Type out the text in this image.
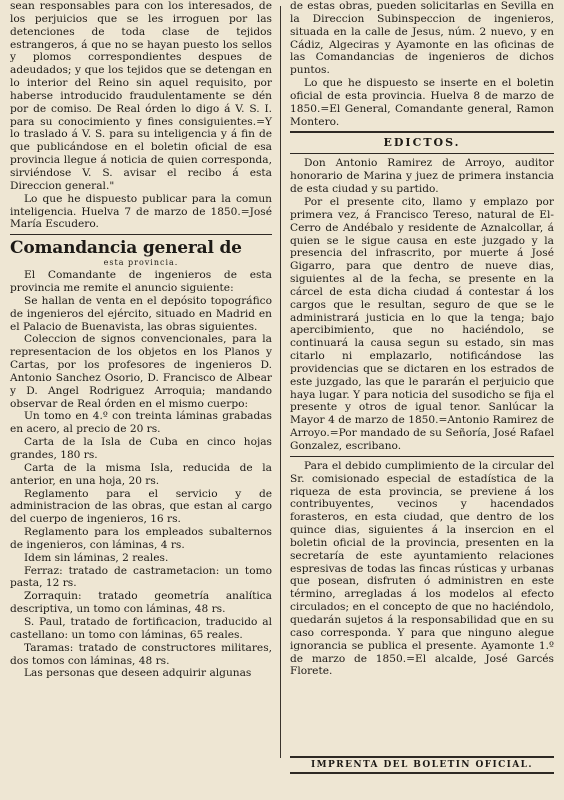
sean responsables para con los interesados, de los perjuicios que se les irroguen por las detenciones de toda clase de tejidos estrangeros, á que no se hayan puesto los sellos y plomos correspondientes despues de adeudados; y que los tejidos que se detengan en lo interior del Reino sin aquel requisito, por haberse introducido fraudulentamente se dén por de comiso. De Real órden lo digo á V. S. I. para su conocimiento y fines consiguientes.=Y lo traslado á V. S. para su inteligencia y á fin de que publicándose en el boletin oficial de esa provincia llegue á noticia de quien corresponda, sirviéndose V. S. avisar el recibo á esta Direccion general."

Lo que he dispuesto publicar para la comun inteligencia. Huelva 7 de marzo de 1850.=José María Escudero.

Comandancia general de
esta provincia.

El Comandante de ingenieros de esta provincia me remite el anuncio siguiente:

Se hallan de venta en el depósito topográfico de ingenieros del ejército, situado en Madrid en el Palacio de Buenavista, las obras siguientes.

Coleccion de signos convencionales, para la representacion de los objetos en los Planos y Cartas, por los profesores de ingenieros D. Antonio Sanchez Osorio, D. Francisco de Albear y D. Angel Rodriguez Arroquia; mandando observar de Real órden en el mismo cuerpo:

Un tomo en 4.º con treinta láminas grabadas en acero, al precio de 20 rs.

Carta de la Isla de Cuba en cinco hojas grandes, 180 rs.

Carta de la misma Isla, reducida de la anterior, en una hoja, 20 rs.

Reglamento para el servicio y de administracion de las obras, que estan al cargo del cuerpo de ingenieros, 16 rs.

Reglamento para los empleados subalternos de ingenieros, con láminas, 4 rs.

Idem sin láminas, 2 reales.

Ferraz: tratado de castrametacion: un tomo pasta, 12 rs.

Zorraquin: tratado geometría analítica descriptiva, un tomo con láminas, 48 rs.

S. Paul, tratado de fortificacion, traducido al castellano: un tomo con láminas, 65 reales.

Taramas: tratado de constructores militares, dos tomos con láminas, 48 rs.

Las personas que deseen adquirir algunas

de estas obras, pueden solicitarlas en Sevilla en la Direccion Subinspeccion de ingenieros, situada en la calle de Jesus, núm. 2 nuevo, y en Cádiz, Algeciras y Ayamonte en las oficinas de las Comandancias de ingenieros de dichos puntos.

Lo que he dispuesto se inserte en el boletin oficial de esta provincia. Huelva 8 de marzo de 1850.=El General, Comandante general, Ramon Montero.

EDICTOS.

Don Antonio Ramirez de Arroyo, auditor honorario de Marina y juez de primera instancia de esta ciudad y su partido.

Por el presente cito, llamo y emplazo por primera vez, á Francisco Tereso, natural de El-Cerro de Andébalo y residente de Aznalcollar, á quien se le sigue causa en este juzgado y la presencia del infrascrito, por muerte á José Gigarro, para que dentro de nueve dias, siguientes al de la fecha, se presente en la cárcel de esta dicha ciudad á contestar á los cargos que le resultan, seguro de que se le administrará justicia en lo que la tenga; bajo apercibimiento, que no haciéndolo, se continuará la causa segun su estado, sin mas citarlo ni emplazarlo, notificándose las providencias que se dictaren en los estrados de este juzgado, las que le pararán el perjuicio que haya lugar. Y para noticia del susodicho se fija el presente y otros de igual tenor. Sanlúcar la Mayor 4 de marzo de 1850.=Antonio Ramirez de Arroyo.=Por mandado de su Señoría, José Rafael Gonzalez, escribano.

Para el debido cumplimiento de la circular del Sr. comisionado especial de estadística de la riqueza de esta provincia, se previene á los contribuyentes, vecinos y hacendados forasteros, en esta ciudad, que dentro de los quince dias, siguientes á la insercion en el boletin oficial de la provincia, presenten en la secretaría de este ayuntamiento relaciones espresivas de todas las fincas rústicas y urbanas que posean, disfruten ó administren en este término, arregladas á los modelos al efecto circulados; en el concepto de que no haciéndolo, quedarán sujetos á la responsabilidad que en su caso corresponda. Y para que ninguno alegue ignorancia se publica el presente. Ayamonte 1.º de marzo de 1850.=El alcalde, José Garcés Florete.

IMPRENTA DEL BOLETIN OFICIAL.
